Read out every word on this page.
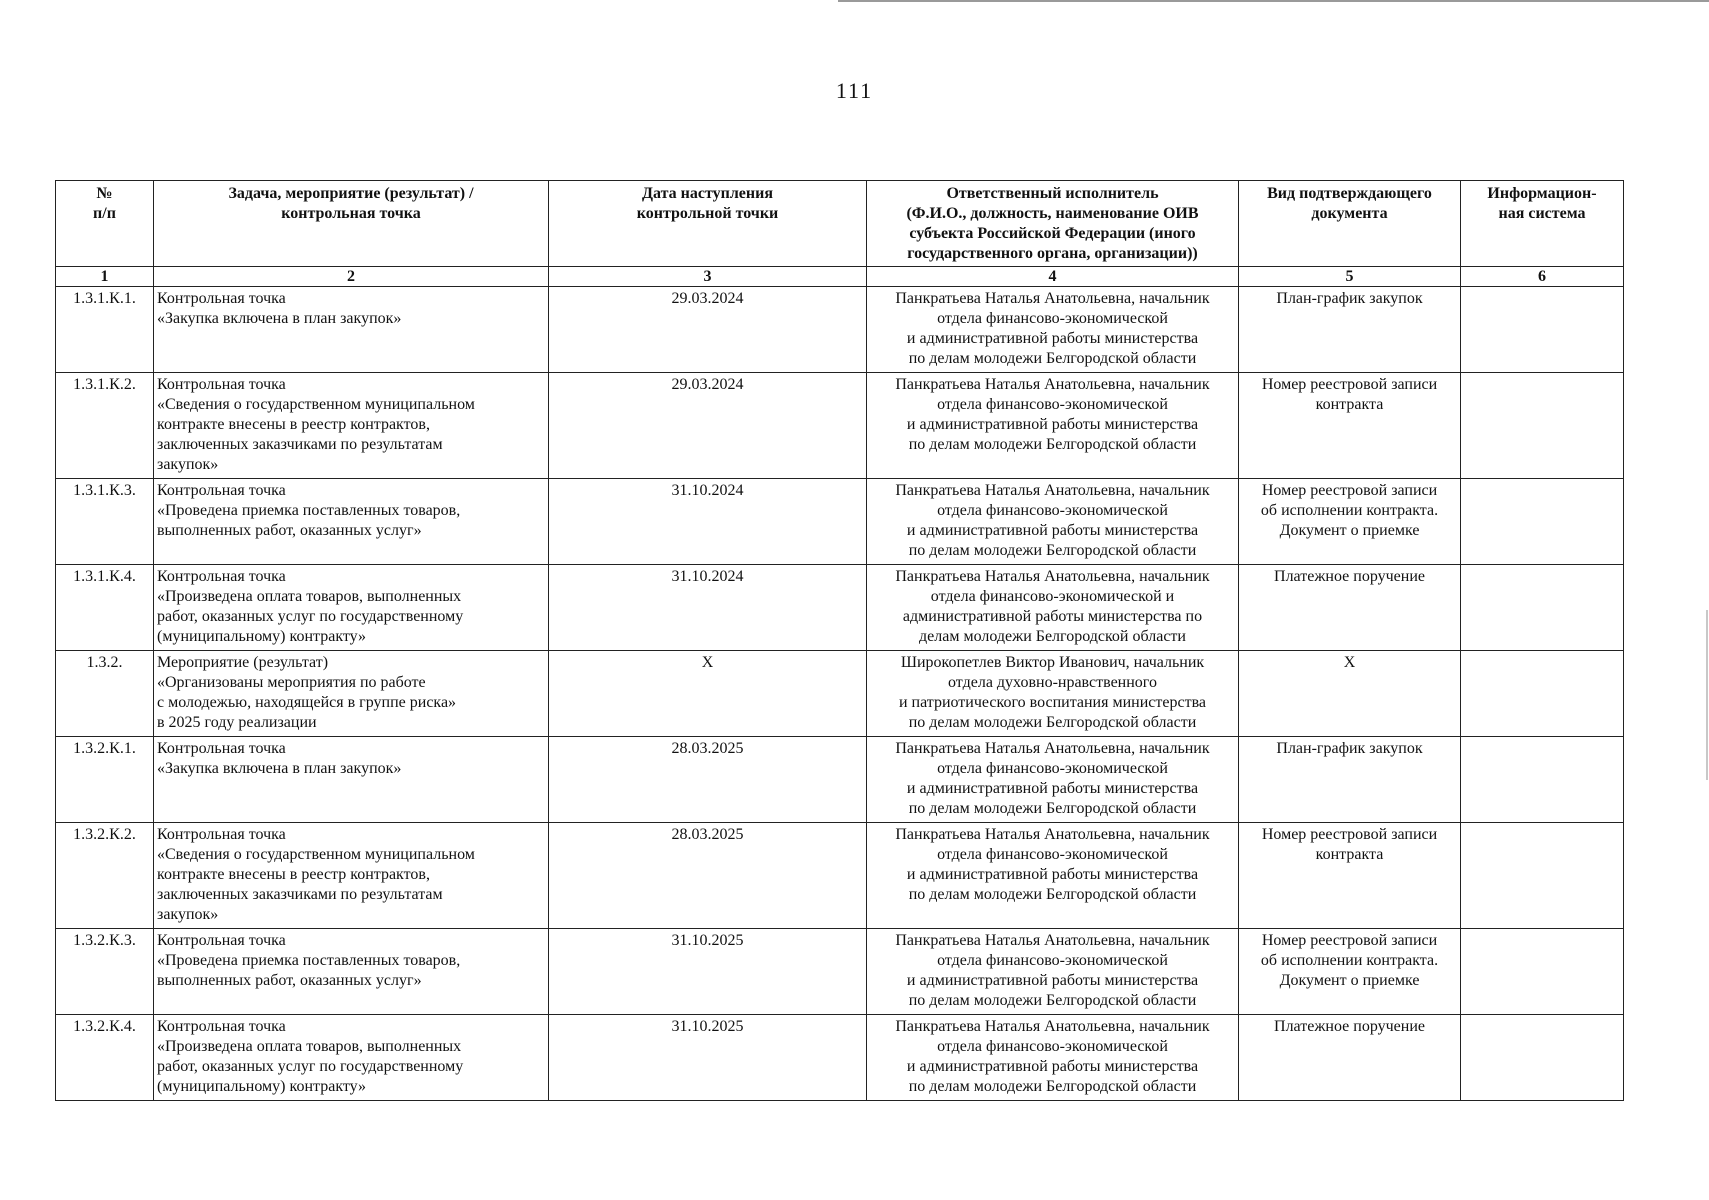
111
№
п/п	Задача, мероприятие (результат) /
контрольная точка	Дата наступления
контрольной точки	Ответственный исполнитель
(Ф.И.О., должность, наименование ОИВ
субъекта Российской Федерации (иного
государственного органа, организации))	Вид подтверждающего
документа	Информацион-
ная система
1	2	3	4	5	6
1.3.1.К.1.	Контрольная точка
«Закупка включена в план закупок»	29.03.2024	Панкратьева Наталья Анатольевна, начальник
отдела финансово-экономической
и административной работы министерства
по делам молодежи Белгородской области	План-график закупок	
1.3.1.К.2.	Контрольная точка
«Сведения о государственном муниципальном
контракте внесены в реестр контрактов,
заключенных заказчиками по результатам
закупок»	29.03.2024	Панкратьева Наталья Анатольевна, начальник
отдела финансово-экономической
и административной работы министерства
по делам молодежи Белгородской области	Номер реестровой записи
контракта	
1.3.1.К.3.	Контрольная точка
«Проведена приемка поставленных товаров,
выполненных работ, оказанных услуг»	31.10.2024	Панкратьева Наталья Анатольевна, начальник
отдела финансово-экономической
и административной работы министерства
по делам молодежи Белгородской области	Номер реестровой записи
об исполнении контракта.
Документ о приемке	
1.3.1.К.4.	Контрольная точка
«Произведена оплата товаров, выполненных
работ, оказанных услуг по государственному
(муниципальному) контракту»	31.10.2024	Панкратьева Наталья Анатольевна, начальник
отдела финансово-экономической и
административной работы министерства по
делам молодежи Белгородской области	Платежное поручение	
1.3.2.	Мероприятие (результат)
«Организованы мероприятия по работе
с молодежью, находящейся в группе риска»
в 2025 году реализации	Х	Широкопетлев Виктор Иванович, начальник
отдела духовно-нравственного
и патриотического воспитания министерства
по делам молодежи Белгородской области	Х	
1.3.2.К.1.	Контрольная точка
«Закупка включена в план закупок»	28.03.2025	Панкратьева Наталья Анатольевна, начальник
отдела финансово-экономической
и административной работы министерства
по делам молодежи Белгородской области	План-график закупок	
1.3.2.К.2.	Контрольная точка
«Сведения о государственном муниципальном
контракте внесены в реестр контрактов,
заключенных заказчиками по результатам
закупок»	28.03.2025	Панкратьева Наталья Анатольевна, начальник
отдела финансово-экономической
и административной работы министерства
по делам молодежи Белгородской области	Номер реестровой записи
контракта	
1.3.2.К.3.	Контрольная точка
«Проведена приемка поставленных товаров,
выполненных работ, оказанных услуг»	31.10.2025	Панкратьева Наталья Анатольевна, начальник
отдела финансово-экономической
и административной работы министерства
по делам молодежи Белгородской области	Номер реестровой записи
об исполнении контракта.
Документ о приемке	
1.3.2.К.4.	Контрольная точка
«Произведена оплата товаров, выполненных
работ, оказанных услуг по государственному
(муниципальному) контракту»	31.10.2025	Панкратьева Наталья Анатольевна, начальник
отдела финансово-экономической
и административной работы министерства
по делам молодежи Белгородской области	Платежное поручение	
